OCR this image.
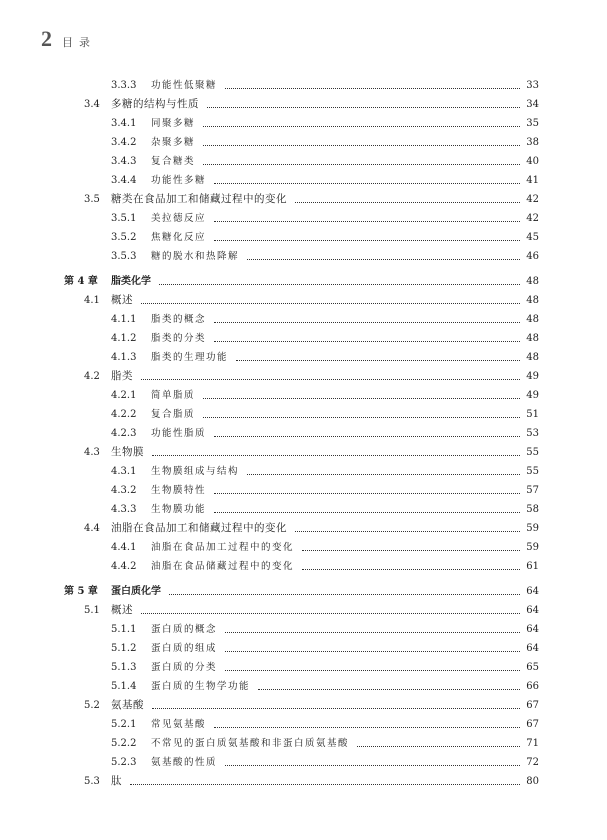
2 目录
3.3.3 功能性低聚糖	33
3.4 多糖的结构与性质	34
3.4.1 同聚多糖	35
3.4.2 杂聚多糖	38
3.4.3 复合糖类	40
3.4.4 功能性多糖	41
3.5 糖类在食品加工和储藏过程中的变化	42
3.5.1 美拉德反应	42
3.5.2 焦糖化反应	45
3.5.3 糖的脱水和热降解	46
第 4 章 脂类化学	48
4.1 概述	48
4.1.1 脂类的概念	48
4.1.2 脂类的分类	48
4.1.3 脂类的生理功能	48
4.2 脂类	49
4.2.1 简单脂质	49
4.2.2 复合脂质	51
4.2.3 功能性脂质	53
4.3 生物膜	55
4.3.1 生物膜组成与结构	55
4.3.2 生物膜特性	57
4.3.3 生物膜功能	58
4.4 油脂在食品加工和储藏过程中的变化	59
4.4.1 油脂在食品加工过程中的变化	59
4.4.2 油脂在食品储藏过程中的变化	61
第 5 章 蛋白质化学	64
5.1 概述	64
5.1.1 蛋白质的概念	64
5.1.2 蛋白质的组成	64
5.1.3 蛋白质的分类	65
5.1.4 蛋白质的生物学功能	66
5.2 氨基酸	67
5.2.1 常见氨基酸	67
5.2.2 不常见的蛋白质氨基酸和非蛋白质氨基酸	71
5.2.3 氨基酸的性质	72
5.3 肽	80
